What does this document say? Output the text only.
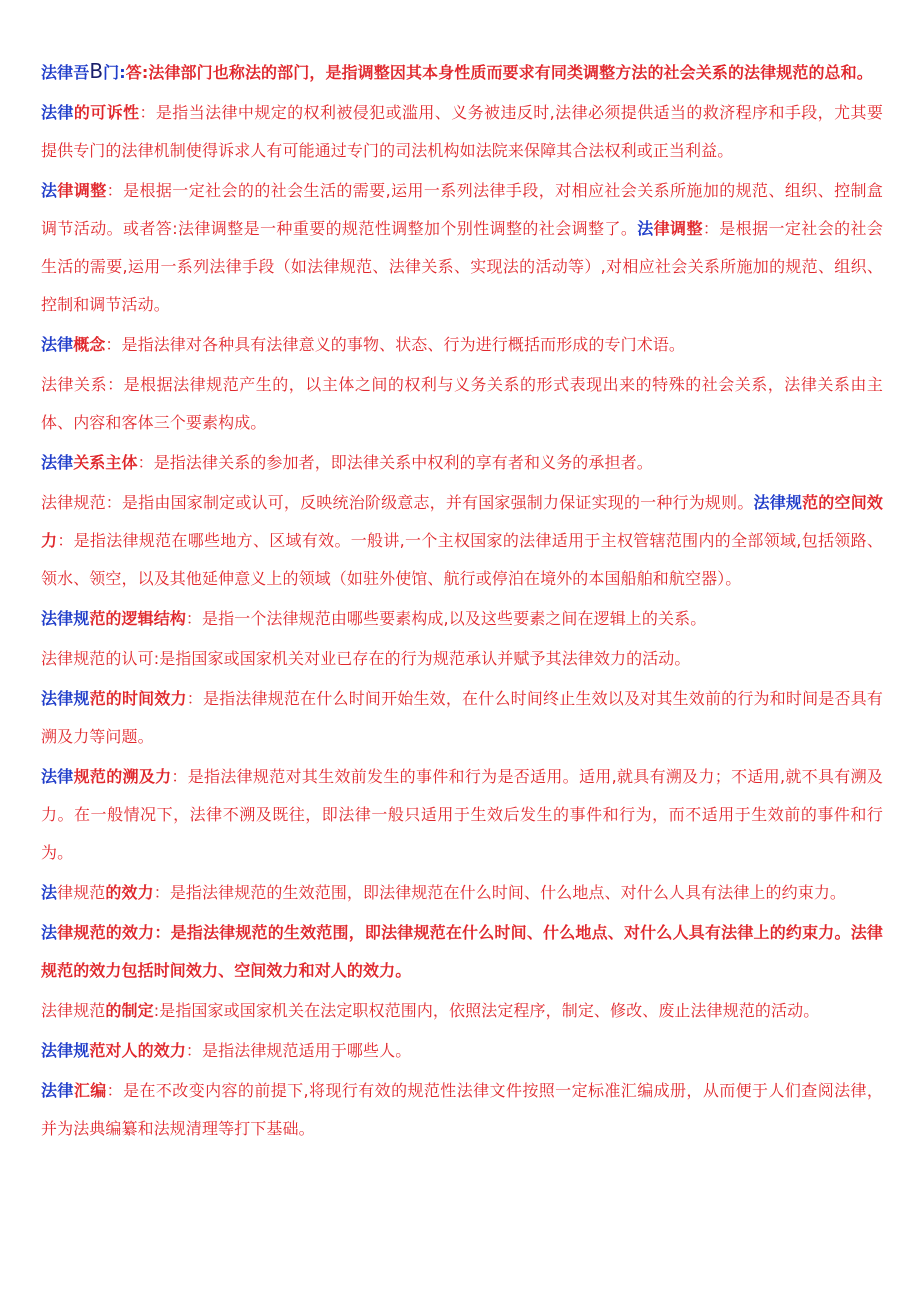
法律吾B门:答:法律部门也称法的部门，是指调整因其本身性质而要求有同类调整方法的社会关系的法律规范的总和。

法律的可诉性：是指当法律中规定的权利被侵犯或滥用、义务被违反时,法律必须提供适当的救济程序和手段，尤其要提供专门的法律机制使得诉求人有可能通过专门的司法机构如法院来保障其合法权利或正当利益。

法律调整：是根据一定社会的的社会生活的需要,运用一系列法律手段，对相应社会关系所施加的规范、组织、控制盒调节活动。或者答:法律调整是一种重要的规范性调整加个别性调整的社会调整了。法律调整：是根据一定社会的社会生活的需要,运用一系列法律手段（如法律规范、法律关系、实现法的活动等）,对相应社会关系所施加的规范、组织、控制和调节活动。

法律概念：是指法律对各种具有法律意义的事物、状态、行为进行概括而形成的专门术语。

法律关系：是根据法律规范产生的，以主体之间的权利与义务关系的形式表现出来的特殊的社会关系，法律关系由主体、内容和客体三个要素构成。

法律关系主体：是指法律关系的参加者，即法律关系中权利的享有者和义务的承担者。

法律规范：是指由国家制定或认可，反映统治阶级意志，并有国家强制力保证实现的一种行为规则。法律规范的空间效力：是指法律规范在哪些地方、区域有效。一般讲,一个主权国家的法律适用于主权管辖范围内的全部领域,包括领路、领水、领空，以及其他延伸意义上的领域（如驻外使馆、航行或停泊在境外的本国船舶和航空器）。

法律规范的逻辑结构：是指一个法律规范由哪些要素构成,以及这些要素之间在逻辑上的关系。

法律规范的认可:是指国家或国家机关对业已存在的行为规范承认并赋予其法律效力的活动。

法律规范的时间效力：是指法律规范在什么时间开始生效，在什么时间终止生效以及对其生效前的行为和时间是否具有溯及力等问题。

法律规范的溯及力：是指法律规范对其生效前发生的事件和行为是否适用。适用,就具有溯及力；不适用,就不具有溯及力。在一般情况下，法律不溯及既往，即法律一般只适用于生效后发生的事件和行为，而不适用于生效前的事件和行为。

法律规范的效力：是指法律规范的生效范围，即法律规范在什么时间、什么地点、对什么人具有法律上的约束力。

法律规范的效力：是指法律规范的生效范围，即法律规范在什么时间、什么地点、对什么人具有法律上的约束力。法律规范的效力包括时间效力、空间效力和对人的效力。

法律规范的制定:是指国家或国家机关在法定职权范围内，依照法定程序，制定、修改、废止法律规范的活动。

法律规范对人的效力：是指法律规范适用于哪些人。

法律汇编：是在不改变内容的前提下,将现行有效的规范性法律文件按照一定标准汇编成册，从而便于人们查阅法律，并为法典编纂和法规清理等打下基础。
